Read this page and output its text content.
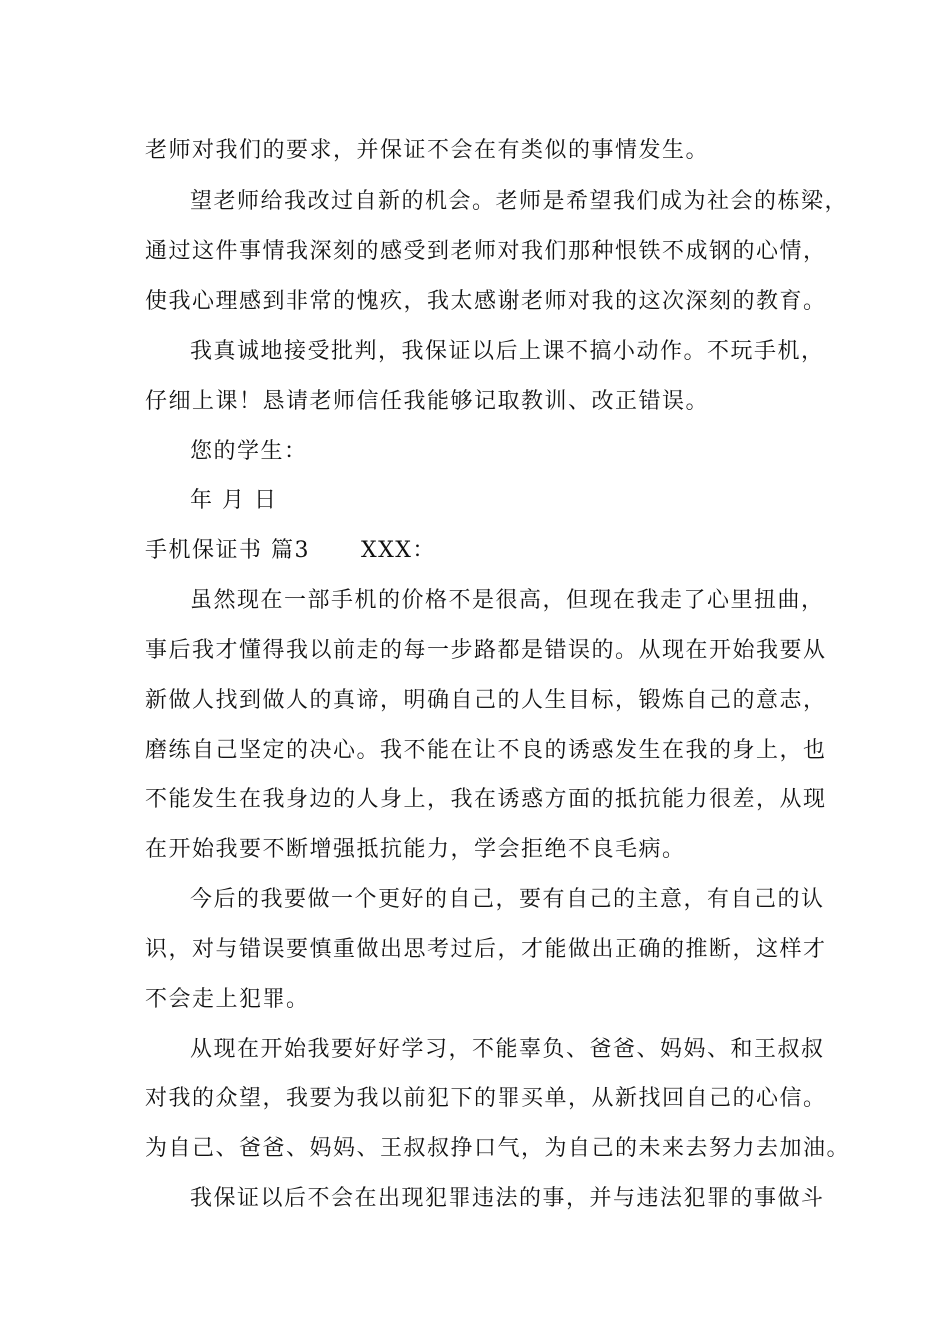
老师对我们的要求，并保证不会在有类似的事情发生。
望老师给我改过自新的机会。老师是希望我们成为社会的栋梁，
通过这件事情我深刻的感受到老师对我们那种恨铁不成钢的心情，
使我心理感到非常的愧疚，我太感谢老师对我的这次深刻的教育。
我真诚地接受批判，我保证以后上课不搞小动作。不玩手机，
仔细上课！恳请老师信任我能够记取教训、改正错误。
您的学生：
年 月 日
手机保证书 篇3      XXX：
虽然现在一部手机的价格不是很高，但现在我走了心里扭曲，
事后我才懂得我以前走的每一步路都是错误的。从现在开始我要从
新做人找到做人的真谛，明确自己的人生目标，锻炼自己的意志，
磨练自己坚定的决心。我不能在让不良的诱惑发生在我的身上，也
不能发生在我身边的人身上，我在诱惑方面的抵抗能力很差，从现
在开始我要不断增强抵抗能力，学会拒绝不良毛病。
今后的我要做一个更好的自己，要有自己的主意，有自己的认
识，对与错误要慎重做出思考过后，才能做出正确的推断，这样才
不会走上犯罪。
从现在开始我要好好学习，不能辜负、爸爸、妈妈、和王叔叔
对我的众望，我要为我以前犯下的罪买单，从新找回自己的心信。
为自己、爸爸、妈妈、王叔叔挣口气，为自己的未来去努力去加油。
我保证以后不会在出现犯罪违法的事，并与违法犯罪的事做斗
